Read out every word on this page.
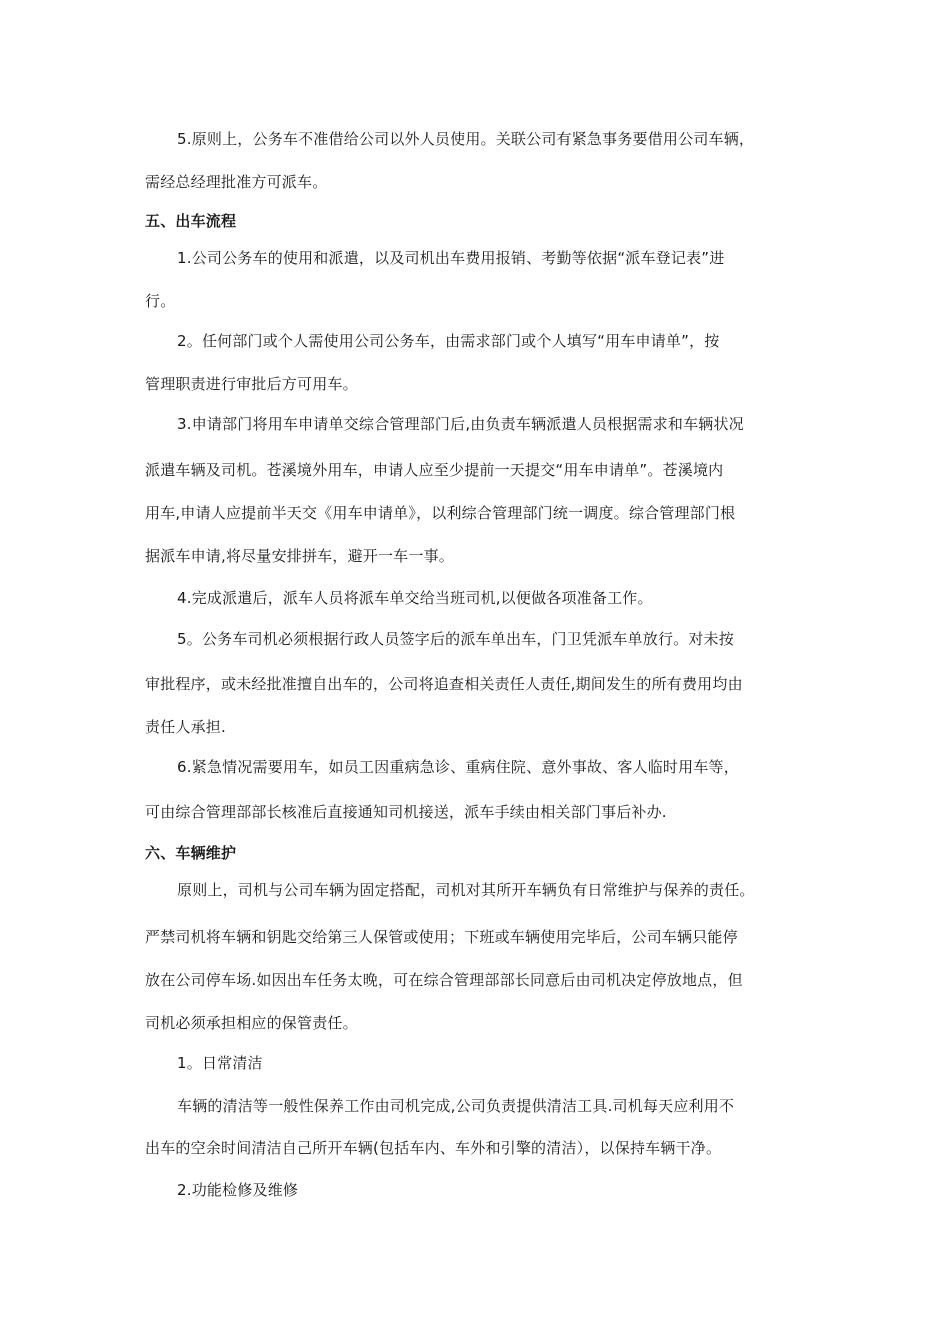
5.原则上，公务车不准借给公司以外人员使用。关联公司有紧急事务要借用公司车辆，
需经总经理批准方可派车。
五、出车流程
1.公司公务车的使用和派遣，以及司机出车费用报销、考勤等依据“派车登记表”进
行。
2。任何部门或个人需使用公司公务车，由需求部门或个人填写“用车申请单”，按
管理职责进行审批后方可用车。
3.申请部门将用车申请单交综合管理部门后,由负责车辆派遣人员根据需求和车辆状况
派遣车辆及司机。苍溪境外用车，申请人应至少提前一天提交“用车申请单”。苍溪境内
用车,申请人应提前半天交《用车申请单》，以利综合管理部门统一调度。综合管理部门根
据派车申请,将尽量安排拼车，避开一车一事。
4.完成派遣后，派车人员将派车单交给当班司机,以便做各项准备工作。
5。公务车司机必须根据行政人员签字后的派车单出车，门卫凭派车单放行。对未按
审批程序，或未经批准擅自出车的，公司将追查相关责任人责任,期间发生的所有费用均由
责任人承担.
6.紧急情况需要用车，如员工因重病急诊、重病住院、意外事故、客人临时用车等，
可由综合管理部部长核准后直接通知司机接送，派车手续由相关部门事后补办.
六、车辆维护
原则上，司机与公司车辆为固定搭配，司机对其所开车辆负有日常维护与保养的责任。
严禁司机将车辆和钥匙交给第三人保管或使用；下班或车辆使用完毕后，公司车辆只能停
放在公司停车场.如因出车任务太晚，可在综合管理部部长同意后由司机决定停放地点，但
司机必须承担相应的保管责任。
1。日常清洁
车辆的清洁等一般性保养工作由司机完成,公司负责提供清洁工具.司机每天应利用不
出车的空余时间清洁自己所开车辆(包括车内、车外和引擎的清洁），以保持车辆干净。
2.功能检修及维修
